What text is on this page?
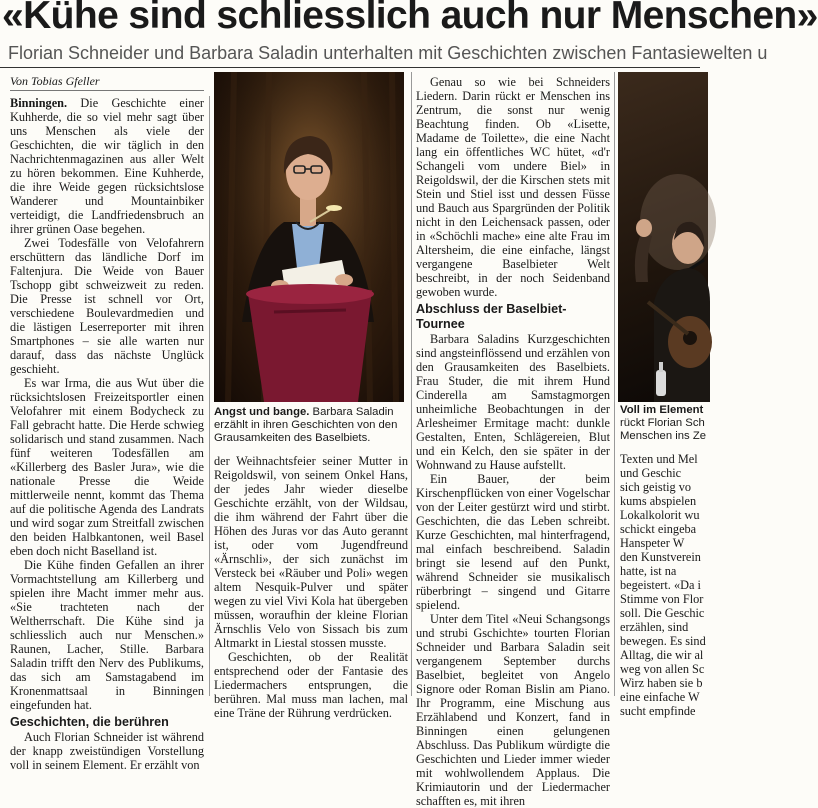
«Kühe sind schliesslich auch nur Menschen»
Florian Schneider und Barbara Saladin unterhalten mit Geschichten zwischen Fantasiewelten u
Von Tobias Gfeller

Binningen. Die Geschichte einer Kuhherde, die so viel mehr sagt über uns Menschen als viele der Geschichten, die wir täglich in den Nachrichtenmagazinen aus aller Welt zu hören bekommen. Eine Kuhherde, die ihre Weide gegen rücksichtslose Wanderer und Mountainbiker verteidigt, die Landfriedensbruch an ihrer grünen Oase begehen.

Zwei Todesfälle von Velofahrern erschüttern das ländliche Dorf im Faltenjura. Die Weide von Bauer Tschopp gibt schweizweit zu reden. Die Presse ist schnell vor Ort, verschiedene Boulevardmedien und die lästigen Leserreporter mit ihren Smartphones – sie alle warten nur darauf, dass das nächste Unglück geschieht.

Es war Irma, die aus Wut über die rücksichtslosen Freizeitsportler einen Velofahrer mit einem Bodycheck zu Fall gebracht hatte. Die Herde schwieg solidarisch und stand zusammen. Nach fünf weiteren Todesfällen am «Killerberg des Basler Jura», wie die nationale Presse die Weide mittlerweile nennt, kommt das Thema auf die politische Agenda des Landrats und wird sogar zum Streitfall zwischen den beiden Halbkantonen, weil Basel eben doch nicht Baselland ist.

Die Kühe finden Gefallen an ihrer Vormachtstellung am Killerberg und spielen ihre Macht immer mehr aus. «Sie trachteten nach der Weltherrschaft. Die Kühe sind ja schliesslich auch nur Menschen.» Raunen, Lacher, Stille. Barbara Saladin trifft den Nerv des Publikums, das sich am Samstagabend im Kronenmattsaal in Binningen eingefunden hat.

Geschichten, die berühren

Auch Florian Schneider ist während der knapp zweistündigen Vorstellung voll in seinem Element. Er erzählt von

Angst und bange. Barbara Saladin erzählt in ihren Geschichten von den Grausamkeiten des Baselbiets.

der Weihnachtsfeier seiner Mutter in Reigoldswil, von seinem Onkel Hans, der jedes Jahr wieder dieselbe Geschichte erzählt, von der Wildsau, die ihm während der Fahrt über die Höhen des Juras vor das Auto gerannt ist, oder vom Jugendfreund «Ärnschli», der sich zunächst im Versteck bei «Räuber und Poli» wegen altem Nesquik-Pulver und später wegen zu viel Vivi Kola hat übergeben müssen, woraufhin der kleine Florian Ärnschlis Velo von Sissach bis zum Altmarkt in Liestal stossen musste.

Geschichten, ob der Realität entsprechend oder der Fantasie des Liedermachers entsprungen, die berühren. Mal muss man lachen, mal eine Träne der Rührung verdrücken.

Genau so wie bei Schneiders Liedern. Darin rückt er Menschen ins Zentrum, die sonst nur wenig Beachtung finden. Ob «Lisette, Madame de Toilette», die eine Nacht lang ein öffentliches WC hütet, «d'r Schangeli vom undere Biel» in Reigoldswil, der die Kirschen stets mit Stein und Stiel isst und dessen Füsse und Bauch aus Spargründen der Politik nicht in den Leichensack passen, oder in «Schöchli mache» eine alte Frau im Altersheim, die eine einfache, längst vergangene Baselbieter Welt beschreibt, in der noch Seidenband gewoben wurde.

Abschluss der Baselbiet-Tournee

Barbara Saladins Kurzgeschichten sind angsteinflössend und erzählen von den Grausamkeiten des Baselbiets. Frau Studer, die mit ihrem Hund Cinderella am Samstagmorgen unheimliche Beobachtungen in der Arlesheimer Ermitage macht: dunkle Gestalten, Enten, Schlägereien, Blut und ein Kelch, den sie später in der Wohnwand zu Hause aufstellt.

Ein Bauer, der beim Kirschenpflücken von einer Vogelschar von der Leiter gestürzt wird und stirbt. Geschichten, die das Leben schreibt. Kurze Geschichten, mal hinterfragend, mal einfach beschreibend. Saladin bringt sie lesend auf den Punkt, während Schneider sie musikalisch rüberbringt – singend und Gitarre spielend.

Unter dem Titel «Neui Schangsongs und strubi Gschichte» tourten Florian Schneider und Barbara Saladin seit vergangenem September durchs Baselbiet, begleitet von Angelo Signore oder Roman Bislin am Piano. Ihr Programm, eine Mischung aus Erzählabend und Konzert, fand in Binningen einen gelungenen Abschluss. Das Publikum würdigte die Geschichten und Lieder immer wieder mit wohlwollendem Applaus. Die Krimiautorin und der Liedermacher schafften es, mit ihren

Voll im Element
rückt Florian Sch
Menschen ins Ze
Texten und Mel
und Geschic
sich geistig vo
kums abspielen
Lokalkolorit wu
schickt eingeba
Hanspeter W
den Kunstverein
hatte, ist na
begeistert. «Da i
Stimme von Flor
soll. Die Geschic
erzählen, sind
bewegen. Es sind
Alltag, die wir al
weg von allen Sc
Wirz haben sie b
eine einfache W
sucht empfinde
